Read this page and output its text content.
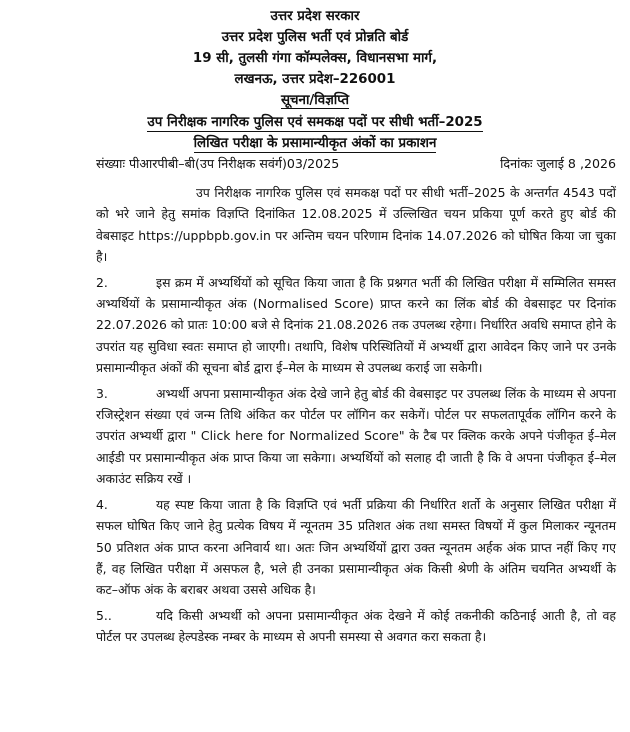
उत्तर प्रदेश सरकार
उत्तर प्रदेश पुलिस भर्ती एवं प्रोन्नति बोर्ड
19 सी, तुलसी गंगा कॉम्पलेक्स, विधानसभा मार्ग,
लखनऊ, उत्तर प्रदेश–226001
सूचना/विज्ञप्ति
उप निरीक्षक नागरिक पुलिस एवं समकक्ष पदों पर सीधी भर्ती–2025
लिखित परीक्षा के प्रसामान्यीकृत अंकों का प्रकाशन
संख्याः पीआरपीबी–बी(उप निरीक्षक सवंर्ग)03/2025	दिनांकः जुलाई 8 ,2026

उप निरीक्षक नागरिक पुलिस एवं समकक्ष पदों पर सीधी भर्ती–2025 के अन्तर्गत 4543 पदों को भरे जाने हेतु समांक विज्ञप्ति दिनांकित 12.08.2025 में उल्लिखित चयन प्रकिया पूर्ण करते हुए बोर्ड की वेबसाइट https://uppbpb.gov.in पर अन्तिम चयन परिणाम दिनांक 14.07.2026 को घोषित किया जा चुका है।

2.	इस क्रम में अभ्यर्थियों को सूचित किया जाता है कि प्रश्नगत भर्ती की लिखित परीक्षा में सम्मिलित समस्त अभ्यर्थियों के प्रसामान्यीकृत अंक (Normalised Score) प्राप्त करने का लिंक बोर्ड की वेबसाइट पर दिनांक 22.07.2026 को प्रातः 10:00 बजे से दिनांक 21.08.2026 तक उपलब्ध रहेगा। निर्धारित अवधि समाप्त होने के उपरांत यह सुविधा स्वतः समाप्त हो जाएगी। तथापि, विशेष परिस्थितियों में अभ्यर्थी द्वारा आवेदन किए जाने पर उनके प्रसामान्यीकृत अंकों की सूचना बोर्ड द्वारा ई–मेल के माध्यम से उपलब्ध कराई जा सकेगी।

3.	अभ्यर्थी अपना प्रसामान्यीकृत अंक देखे जाने हेतु बोर्ड की वेबसाइट पर उपलब्ध लिंक के माध्यम से अपना रजिस्ट्रेशन संख्या एवं जन्म तिथि अंकित कर पोर्टल पर लॉगिन कर सकेगें। पोर्टल पर सफलतापूर्वक लॉगिन करने के उपरांत अभ्यर्थी द्वारा " Click here for Normalized Score" के टैब पर क्लिक करके अपने पंजीकृत ई–मेल आईडी पर प्रसामान्यीकृत अंक प्राप्त किया जा सकेगा। अभ्यर्थियों को सलाह दी जाती है कि वे अपना पंजीकृत ई–मेल अकाउंट सक्रिय रखें ।

4.	यह स्पष्ट किया जाता है कि विज्ञप्ति एवं भर्ती प्रक्रिया की निर्धारित शर्तो के अनुसार लिखित परीक्षा में सफल घोषित किए जाने हेतु प्रत्येक विषय में न्यूनतम 35 प्रतिशत अंक तथा समस्त विषयों में कुल मिलाकर न्यूनतम 50 प्रतिशत अंक प्राप्त करना अनिवार्य था। अतः जिन अभ्यर्थियों द्वारा उक्त न्यूनतम अर्हक अंक प्राप्त नहीं किए गए हैं, वह लिखित परीक्षा में असफल है, भले ही उनका प्रसामान्यीकृत अंक किसी श्रेणी के अंतिम चयनित अभ्यर्थी के कट–ऑफ अंक के बराबर अथवा उससे अधिक है।

5..	यदि किसी अभ्यर्थी को अपना प्रसामान्यीकृत अंक देखने में कोई तकनीकी कठिनाई आती है, तो वह पोर्टल पर उपलब्ध हेल्पडेस्क नम्बर के माध्यम से अपनी समस्या से अवगत करा सकता है।
